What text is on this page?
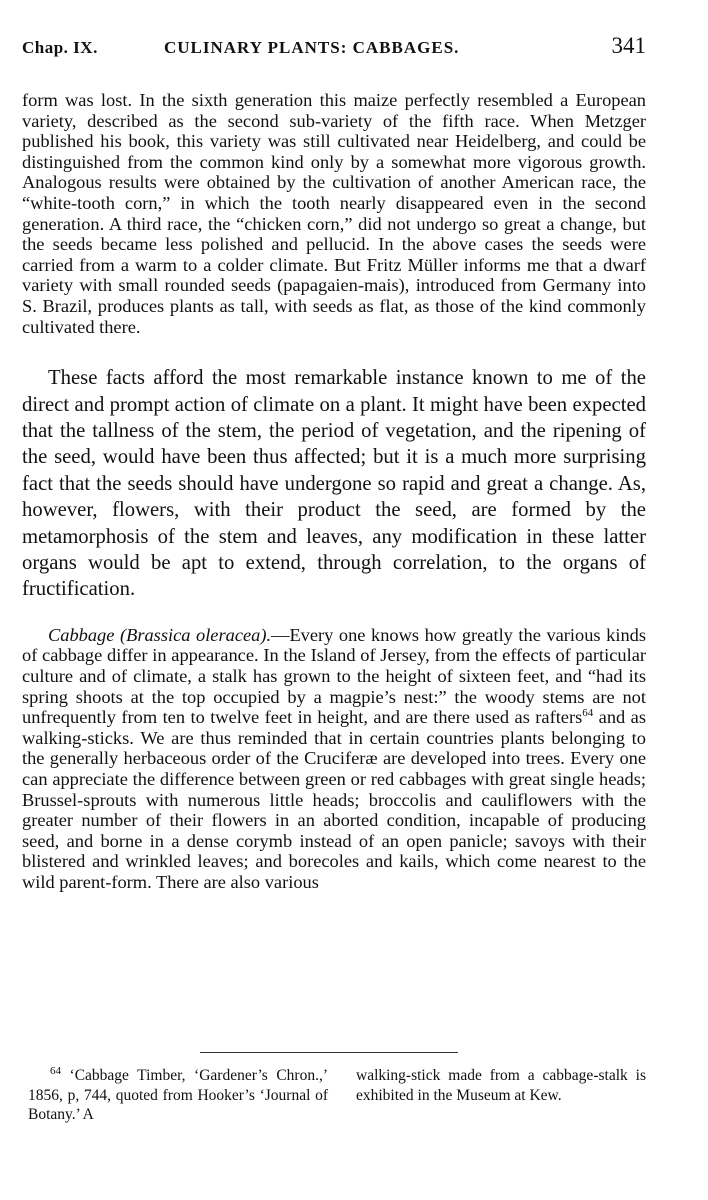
Chap. IX.	CULINARY PLANTS: CABBAGES.	341

form was lost. In the sixth generation this maize perfectly resembled a European variety, described as the second sub-variety of the fifth race. When Metzger published his book, this variety was still cultivated near Heidelberg, and could be distinguished from the common kind only by a somewhat more vigorous growth. Analogous results were obtained by the cultivation of another American race, the “white-tooth corn,” in which the tooth nearly disappeared even in the second generation. A third race, the “chicken corn,” did not undergo so great a change, but the seeds became less polished and pellucid. In the above cases the seeds were carried from a warm to a colder climate. But Fritz Müller informs me that a dwarf variety with small rounded seeds (papagaien-mais), introduced from Germany into S. Brazil, produces plants as tall, with seeds as flat, as those of the kind commonly cultivated there.

These facts afford the most remarkable instance known to me of the direct and prompt action of climate on a plant. It might have been expected that the tallness of the stem, the period of vegetation, and the ripening of the seed, would have been thus affected; but it is a much more surprising fact that the seeds should have undergone so rapid and great a change. As, however, flowers, with their product the seed, are formed by the metamorphosis of the stem and leaves, any modification in these latter organs would be apt to extend, through correlation, to the organs of fructification.

Cabbage (Brassica oleracea).—Every one knows how greatly the various kinds of cabbage differ in appearance. In the Island of Jersey, from the effects of particular culture and of climate, a stalk has grown to the height of sixteen feet, and “had its spring shoots at the top occupied by a magpie’s nest:” the woody stems are not unfrequently from ten to twelve feet in height, and are there used as rafters$^{64}$ and as walking-sticks. We are thus reminded that in certain countries plants belonging to the generally herbaceous order of the Cruciferæ are developed into trees. Every one can appreciate the difference between green or red cabbages with great single heads; Brussel-sprouts with numerous little heads; broccolis and cauliflowers with the greater number of their flowers in an aborted condition, incapable of producing seed, and borne in a dense corymb instead of an open panicle; savoys with their blistered and wrinkled leaves; and borecoles and kails, which come nearest to the wild parent-form. There are also various

$^{64}$ ‘Cabbage Timber, ‘Gardener’s Chron.,’ 1856, p, 744, quoted from Hooker’s ‘Journal of Botany.’ A
walking-stick made from a cabbage-stalk is exhibited in the Museum at Kew.
